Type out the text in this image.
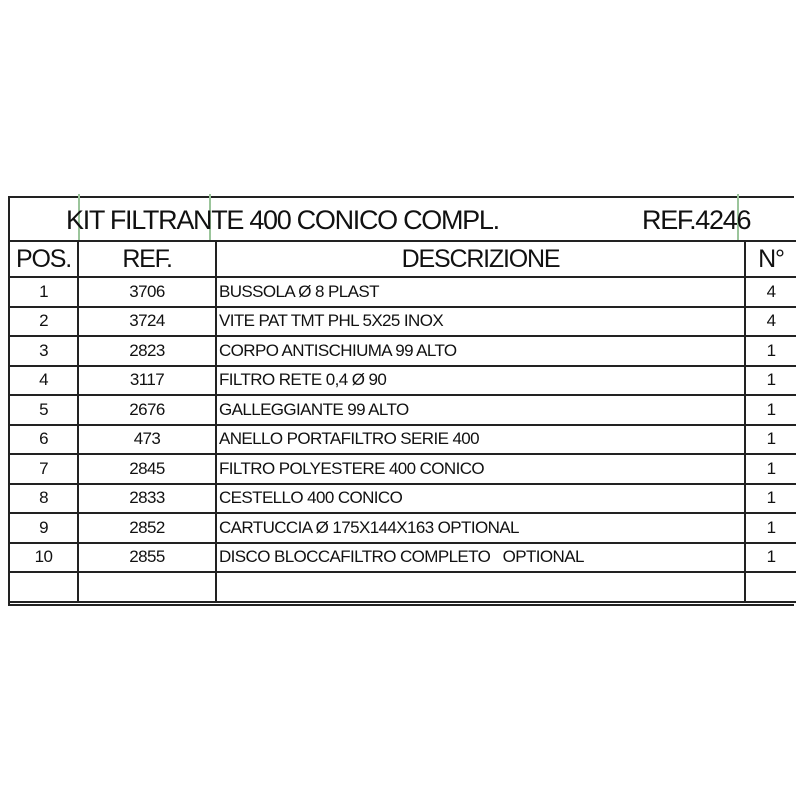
KIT FILTRANTE 400 CONICO COMPL.	REF.4246
POS.	REF.	DESCRIZIONE	N°
1	3706	BUSSOLA Ø 8 PLAST	4
2	3724	VITE PAT TMT PHL 5X25 INOX	4
3	2823	CORPO ANTISCHIUMA 99 ALTO	1
4	3117	FILTRO RETE 0,4 Ø 90	1
5	2676	GALLEGGIANTE 99 ALTO	1
6	473	ANELLO PORTAFILTRO SERIE 400	1
7	2845	FILTRO POLYESTERE 400 CONICO	1
8	2833	CESTELLO 400 CONICO	1
9	2852	CARTUCCIA Ø 175X144X163 OPTIONAL	1
10	2855	DISCO BLOCCAFILTRO COMPLETO   OPTIONAL	1
